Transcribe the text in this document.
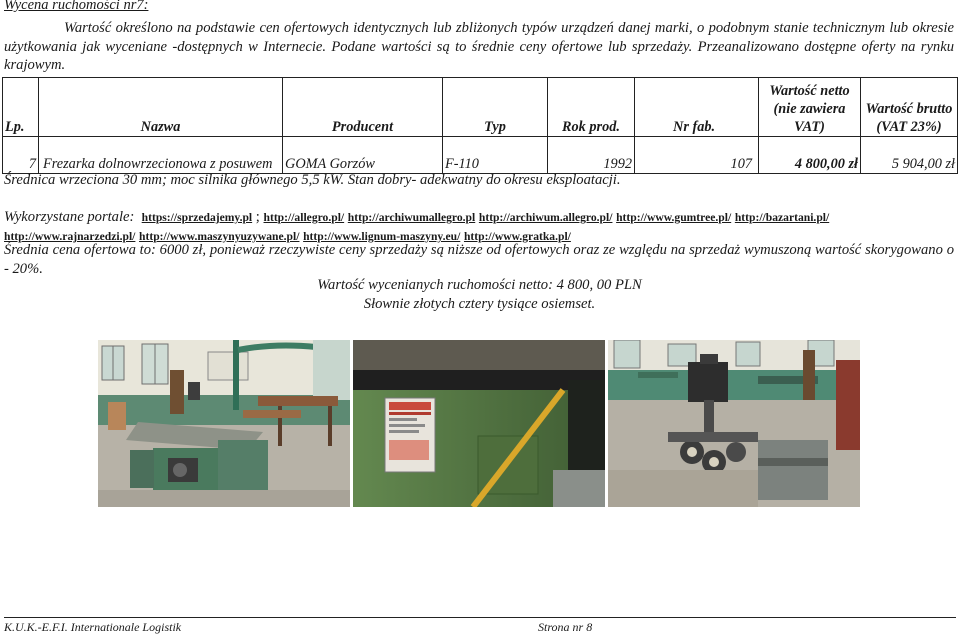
Wycena ruchomości nr7:
Wartość określono na podstawie cen ofertowych identycznych lub zbliżonych typów urządzeń danej marki, o podobnym stanie technicznym lub okresie użytkowania jak wyceniane -dostępnych w Internecie. Podane wartości są to średnie ceny ofertowe lub sprzedaży. Przeanalizowano dostępne oferty na rynku krajowym.
Lp.	Nazwa	Producent	Typ	Rok prod.	Nr fab.	Wartość netto (nie zawiera VAT)	Wartość brutto (VAT 23%)
7	Frezarka dolnowrzecionowa z posuwem	GOMA Gorzów	F-110	1992	107	4 800,00 zł	5 904,00 zł
Średnica wrzeciona 30 mm; moc silnika głównego 5,5 kW. Stan dobry- adekwatny do okresu eksploatacji.
Wykorzystane portale: https://sprzedajemy.pl ; http://allegro.pl/ http://archiwumallegro.pl http://archiwum.allegro.pl/ http://www.gumtree.pl/ http://bazartani.pl/
http://www.rajnarzedzi.pl/ http://www.maszynyuzywane.pl/ http://www.lignum-maszyny.eu/ http://www.gratka.pl/
Średnia cena ofertowa to: 6000 zł, ponieważ rzeczywiste ceny sprzedaży są niższe od ofertowych oraz ze względu na sprzedaż wymuszoną wartość skorygowano o - 20%.
Wartość wycenianych ruchomości netto: 4 800, 00 PLN
Słownie złotych cztery tysiące osiemset.
K.U.K.-E.F.I. Internationale Logistik	Strona nr 8
